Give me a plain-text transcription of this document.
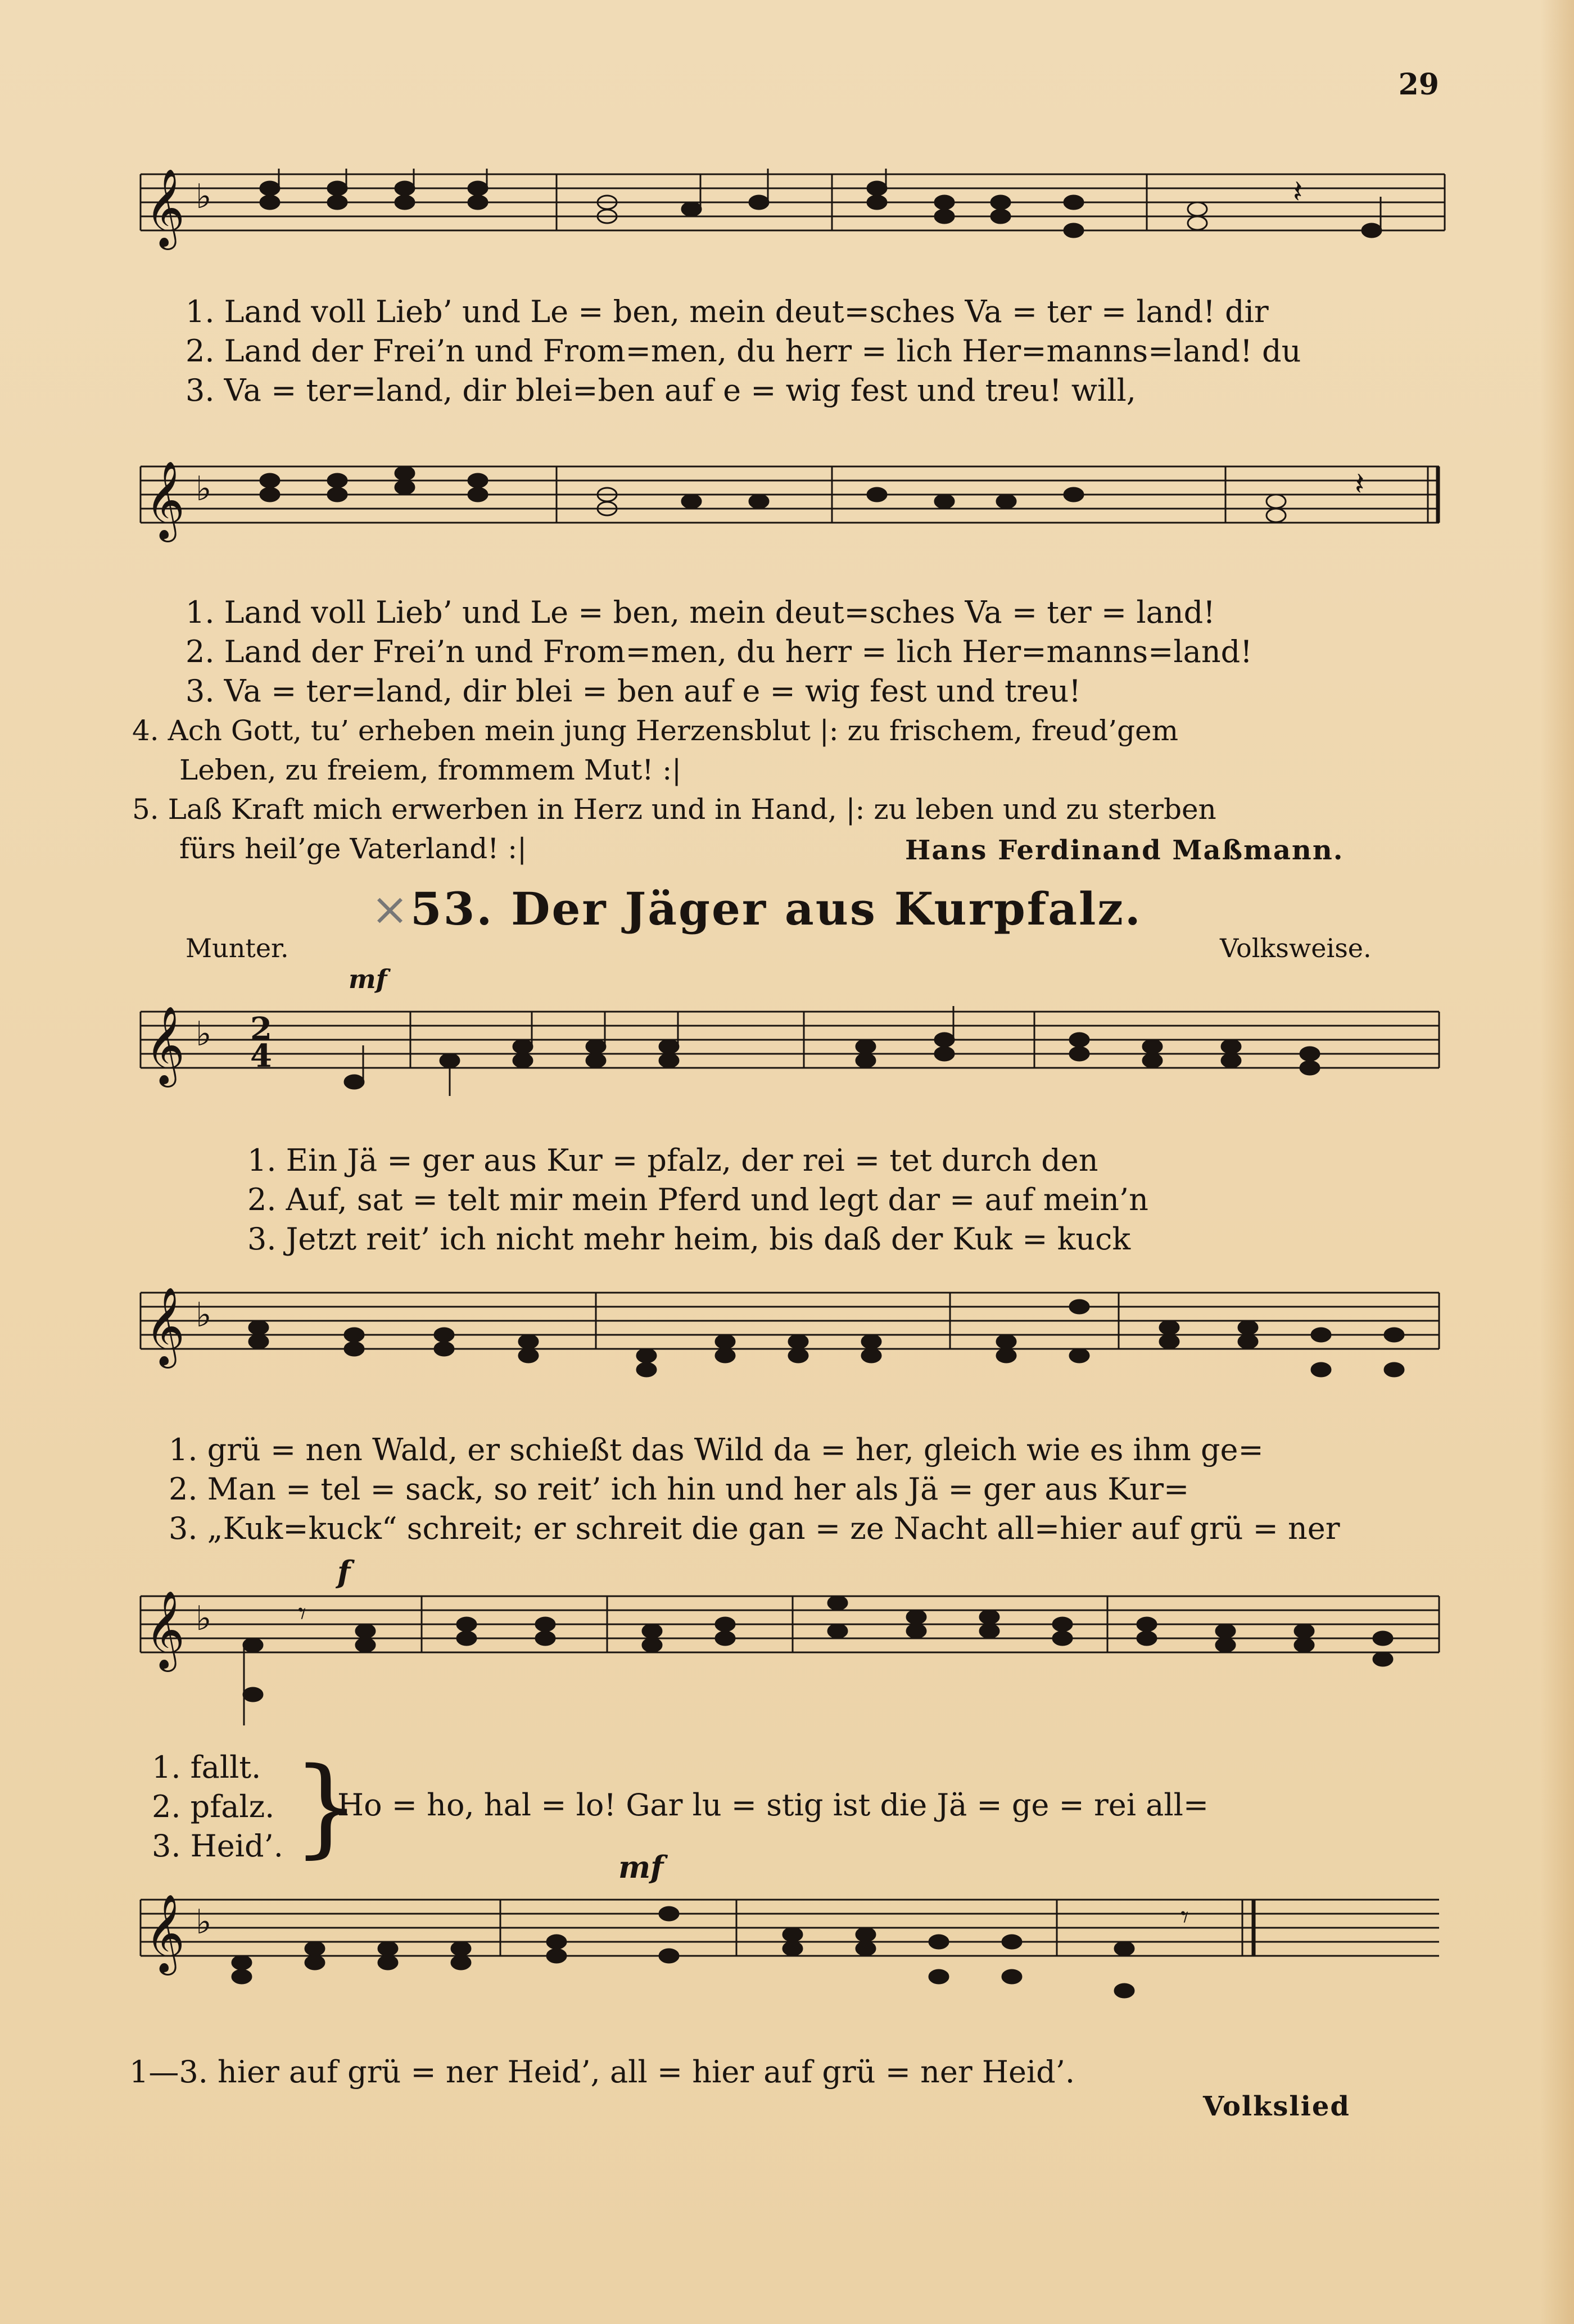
29
𝄞 ♭	𝄽
1. Land voll Lieb’ und Le = ben, mein deut=sches Va = ter = land! dir
2. Land der Frei’n und From=men, du herr = lich Her=manns=land! du
3. Va = ter=land, dir blei=ben auf e = wig fest und treu! will,
𝄞 ♭	𝄽
1. Land voll Lieb’ und Le = ben, mein deut=sches Va = ter = land!
2. Land der Frei’n und From=men, du herr = lich Her=manns=land!
3. Va = ter=land, dir blei = ben auf e = wig fest und treu!
4. Ach Gott, tu’ erheben mein jung Herzensblut |: zu frischem, freud’gem
Leben, zu freiem, frommem Mut! :|
5. Laß Kraft mich erwerben in Herz und in Hand, |: zu leben und zu sterben
fürs heil’ge Vaterland! :|	Hans Ferdinand Maßmann.
×53. Der Jäger aus Kurpfalz.
Munter.	Volksweise.
mf
𝄞 ♭ 2
4
1. Ein Jä = ger aus Kur = pfalz, der rei = tet durch den
2. Auf, sat = telt mir mein Pferd und legt dar = auf mein’n
3. Jetzt reit’ ich nicht mehr heim, bis daß der Kuk = kuck
𝄞 ♭
1. grü = nen Wald, er schießt das Wild da = her, gleich wie es ihm ge=
2. Man = tel = sack, so reit’ ich hin und her als Jä = ger aus Kur=
3. „Kuk=kuck“ schreit; er schreit die gan = ze Nacht all=hier auf grü = ner
f
𝄞 ♭	𝄾
1. fallt.
2. pfalz.
3. Heid’. }
Ho = ho, hal = lo! Gar lu = stig ist die Jä = ge = rei all=
mf
𝄞 ♭	𝄾
1—3. hier auf grü = ner Heid’, all = hier auf grü = ner Heid’.
Volkslied
